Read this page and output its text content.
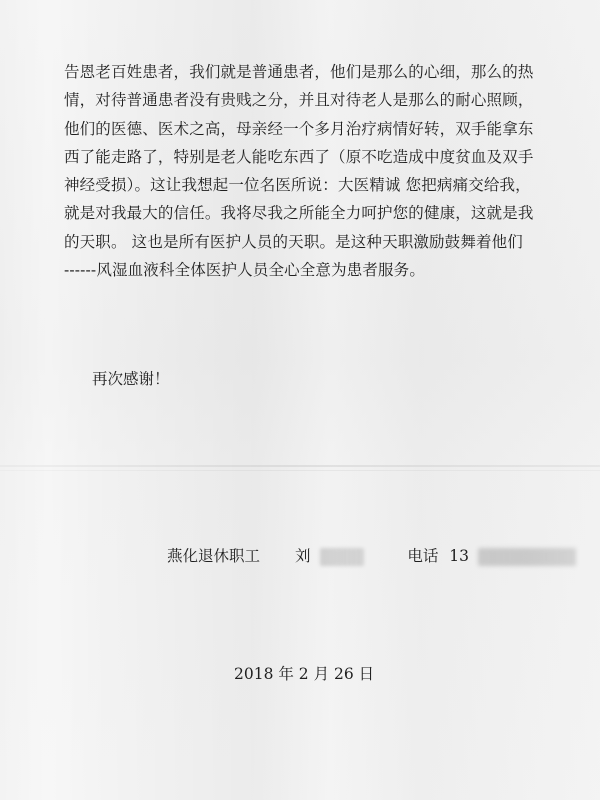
告恩老百姓患者，我们就是普通患者，他们是那么的心细，那么的热
情，对待普通患者没有贵贱之分，并且对待老人是那么的耐心照顾，
他们的医德、医术之高，母亲经一个多月治疗病情好转，双手能拿东
西了能走路了，特别是老人能吃东西了（原不吃造成中度贫血及双手
神经受损）。这让我想起一位名医所说：大医精诚 您把病痛交给我，
就是对我最大的信任。我将尽我之所能全力呵护您的健康，这就是我
的天职。 这也是所有医护人员的天职。是这种天职激励鼓舞着他们
------风湿血液科全体医护人员全心全意为患者服务。
再次感谢！
燕化退休职工 刘	电话 13
2018 年 2 月 26 日
